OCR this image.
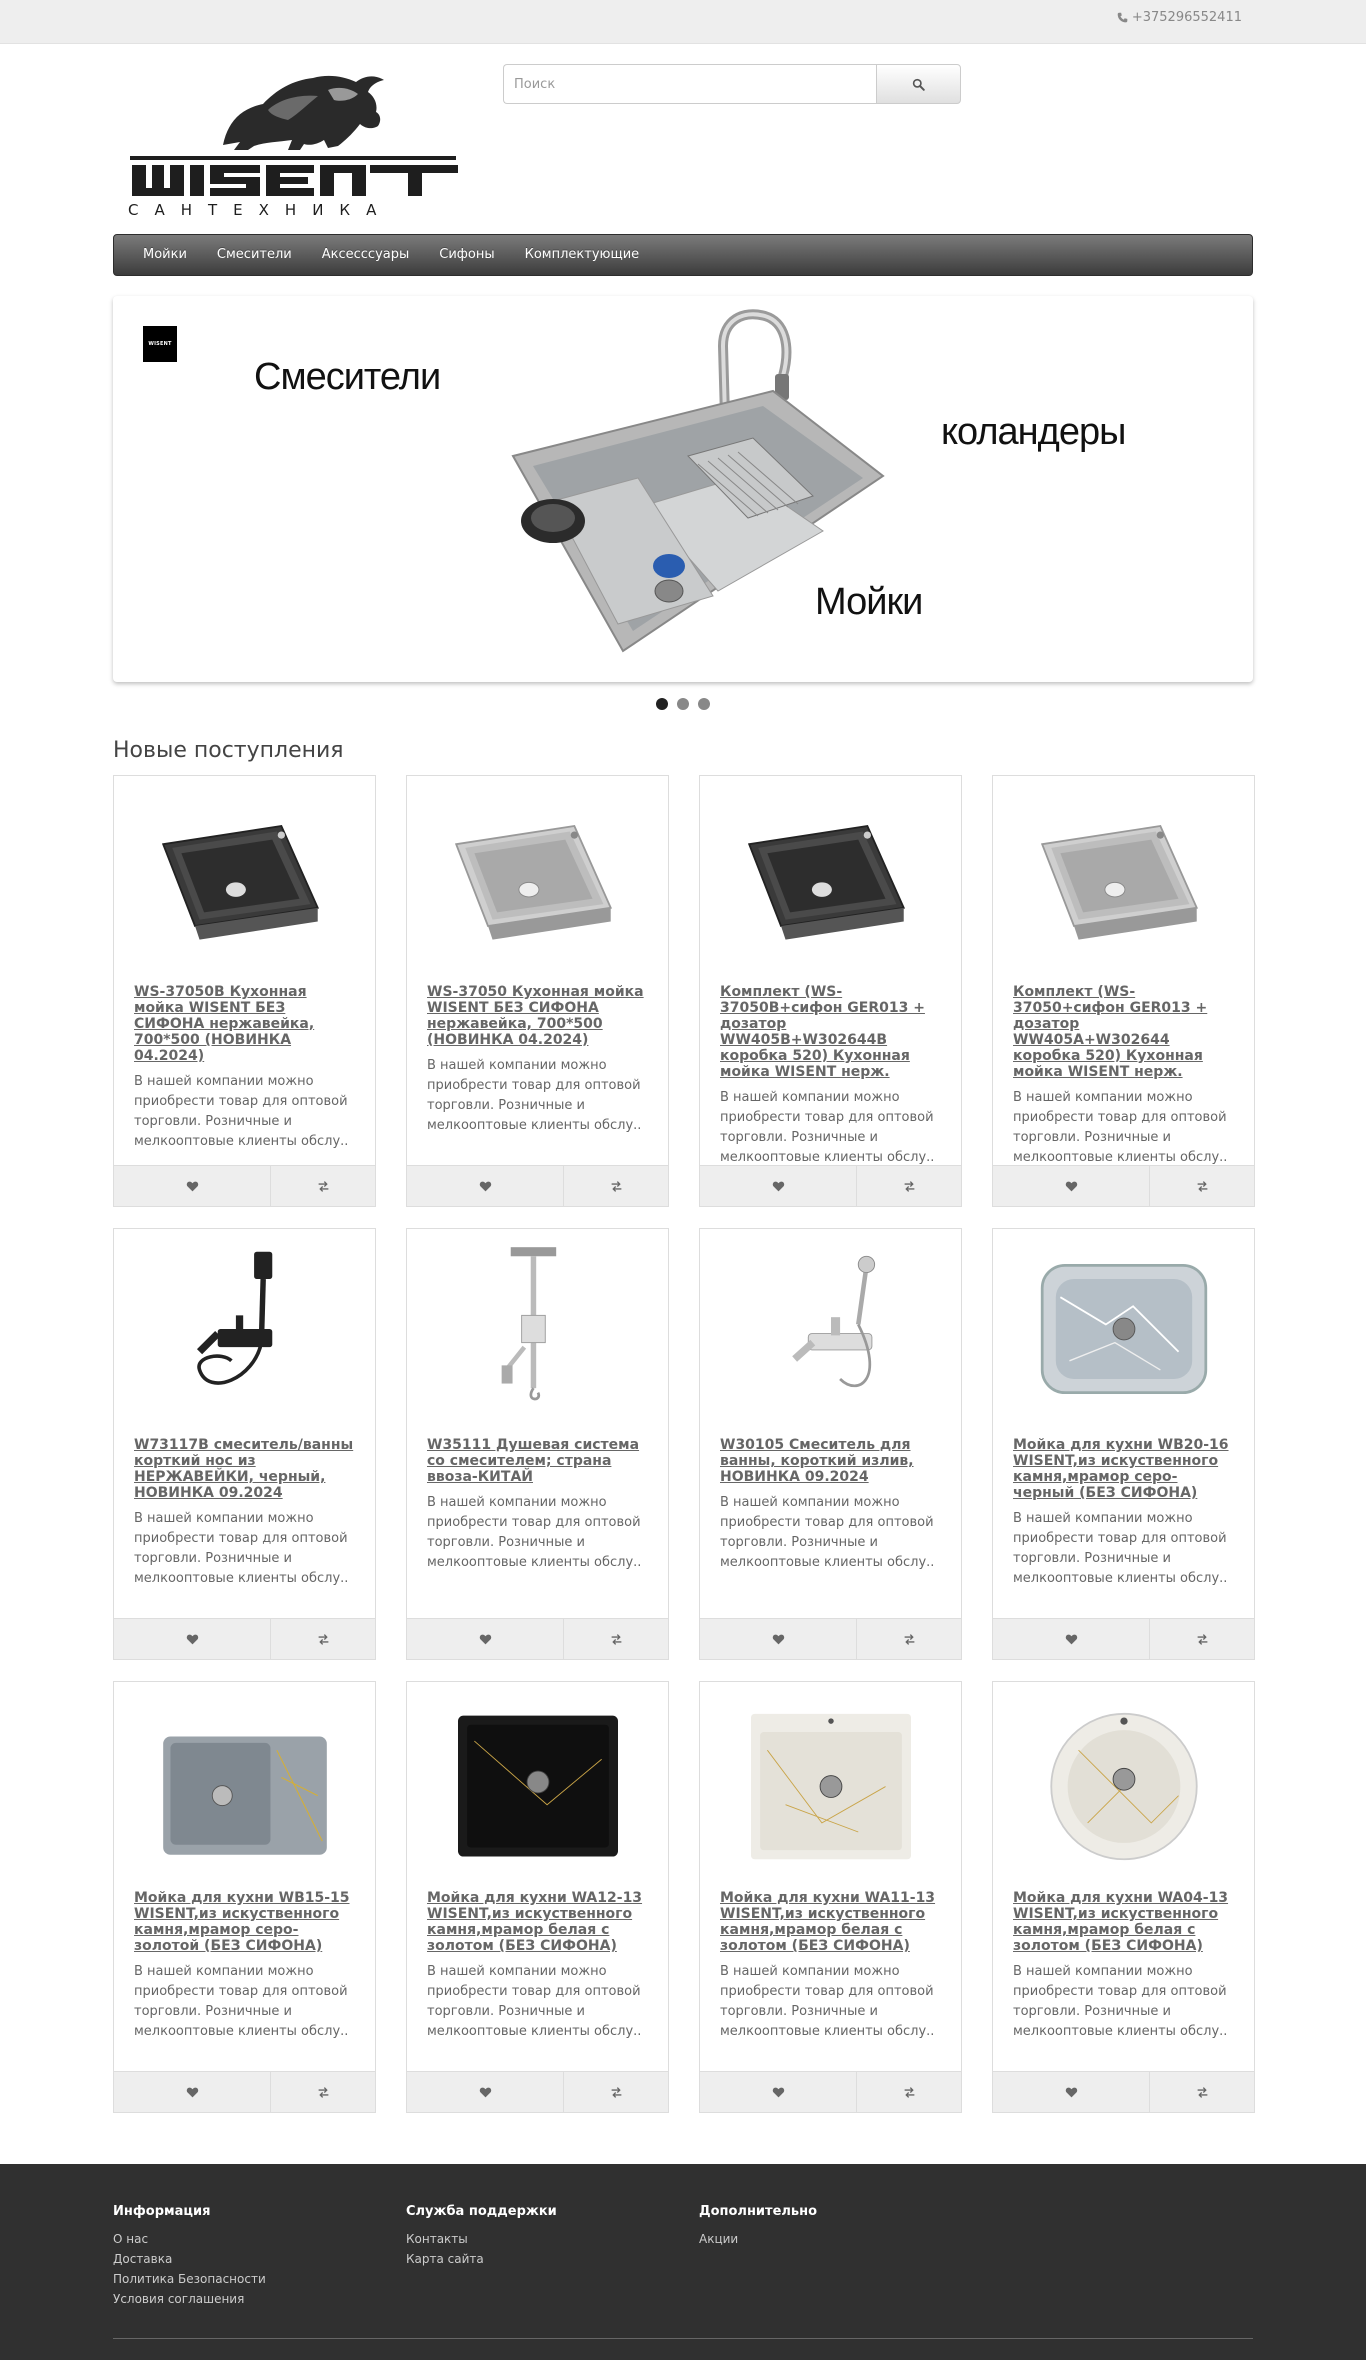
+375296552411
САНТЕХНИКА
Поиск
Мойки	Смесители	Аксесссуары	Сифоны	Комплектующие
WISENT
Смесители
коландеры
Мойки
Новые поступления
WS-37050B Кухонная мойка WISENT БЕЗ СИФОНА нержавейка, 700*500 (НОВИНКА 04.2024)
В нашей компании можно приобрести товар для оптовой торговли. Розничные и мелкооптовые клиенты обслу..
WS-37050 Кухонная мойка WISENT БЕЗ СИФОНА нержавейка, 700*500 (НОВИНКА 04.2024)
В нашей компании можно приобрести товар для оптовой торговли. Розничные и мелкооптовые клиенты обслу..
Комплект (WS-37050B+сифон GER013 + дозатор WW405B+W302644B коробка 520) Кухонная мойка WISENT нерж.
В нашей компании можно приобрести товар для оптовой торговли. Розничные и мелкооптовые клиенты обслу..
Комплект (WS-37050+сифон GER013 + дозатор WW405A+W302644 коробка 520) Кухонная мойка WISENT нерж.
В нашей компании можно приобрести товар для оптовой торговли. Розничные и мелкооптовые клиенты обслу..
W73117B смеситель/ванны корткий нос из НЕРЖАВЕЙКИ, черный, НОВИНКА 09.2024
В нашей компании можно приобрести товар для оптовой торговли. Розничные и мелкооптовые клиенты обслу..
W35111 Душевая система со смесителем; страна ввоза-КИТАЙ
В нашей компании можно приобрести товар для оптовой торговли. Розничные и мелкооптовые клиенты обслу..
W30105 Смеситель для ванны, короткий излив, НОВИНКА 09.2024
В нашей компании можно приобрести товар для оптовой торговли. Розничные и мелкооптовые клиенты обслу..
Мойка для кухни WB20-16 WISENT,из искуственного камня,мрамор серо-черный (БЕЗ СИФОНА)
В нашей компании можно приобрести товар для оптовой торговли. Розничные и мелкооптовые клиенты обслу..
Мойка для кухни WB15-15 WISENT,из искуственного камня,мрамор серо-золотой (БЕЗ СИФОНА)
В нашей компании можно приобрести товар для оптовой торговли. Розничные и мелкооптовые клиенты обслу..
Мойка для кухни WA12-13 WISENT,из искуственного камня,мрамор белая с золотом (БЕЗ СИФОНА)
В нашей компании можно приобрести товар для оптовой торговли. Розничные и мелкооптовые клиенты обслу..
Мойка для кухни WA11-13 WISENT,из искуственного камня,мрамор белая с золотом (БЕЗ СИФОНА)
В нашей компании можно приобрести товар для оптовой торговли. Розничные и мелкооптовые клиенты обслу..
Мойка для кухни WA04-13 WISENT,из искуственного камня,мрамор белая с золотом (БЕЗ СИФОНА)
В нашей компании можно приобрести товар для оптовой торговли. Розничные и мелкооптовые клиенты обслу..
Информация
О нас
Доставка
Политика Безопасности
Условия соглашения
Служба поддержки
Контакты
Карта сайта
Дополнительно
Акции
